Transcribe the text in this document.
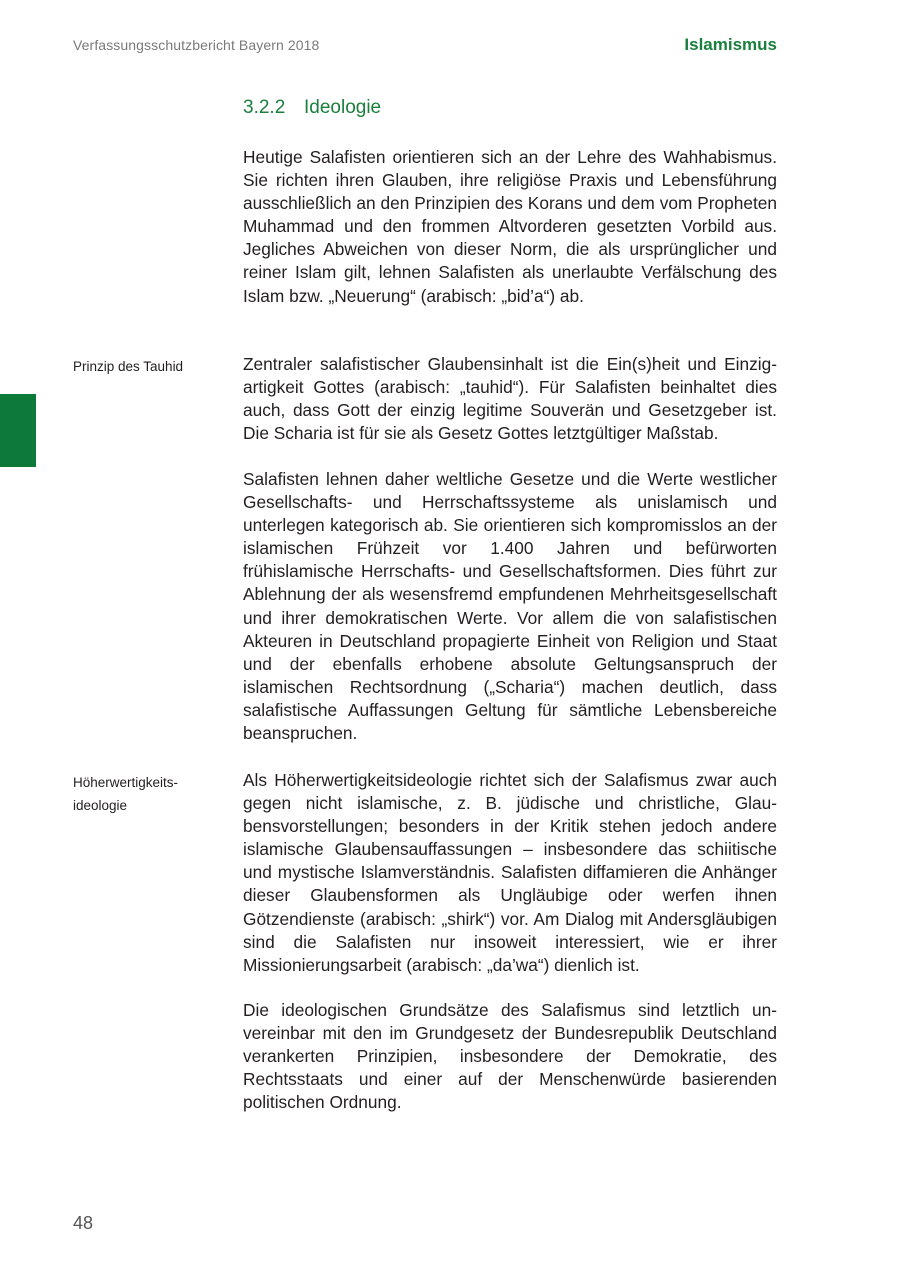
Verfassungsschutzbericht Bayern 2018	Islamismus
3.2.2 Ideologie

Heutige Salafisten orientieren sich an der Lehre des Wahhabismus. Sie richten ihren Glauben, ihre religiöse Praxis und Lebensführung ausschließlich an den Prinzipien des Korans und dem vom Propheten Muhammad und den frommen Altvorderen gesetzten Vorbild aus. Jegliches Abweichen von dieser Norm, die als ursprünglicher und reiner Islam gilt, lehnen Salafisten als unerlaubte Verfälschung des Islam bzw. „Neuerung“ (arabisch: „bid’a“) ab.

Prinzip des Tauhid	Zentraler salafistischer Glaubensinhalt ist die Ein(s)heit und Einzigartigkeit Gottes (arabisch: „tauhid“). Für Salafisten beinhaltet dies auch, dass Gott der einzig legitime Souverän und Gesetzgeber ist. Die Scharia ist für sie als Gesetz Gottes letztgültiger Maßstab.

Salafisten lehnen daher weltliche Gesetze und die Werte westlicher Gesellschafts- und Herrschaftssysteme als unislamisch und unterlegen kategorisch ab. Sie orientieren sich kompromisslos an der islamischen Frühzeit vor 1.400 Jahren und befürworten frühislamische Herrschafts- und Gesellschaftsformen. Dies führt zur Ablehnung der als wesensfremd empfundenen Mehrheitsgesellschaft und ihrer demokratischen Werte. Vor allem die von salafistischen Akteuren in Deutschland propagierte Einheit von Religion und Staat und der ebenfalls erhobene absolute Geltungsanspruch der islamischen Rechtsordnung („Scharia“) machen deutlich, dass salafistische Auffassungen Geltung für sämtliche Lebensbereiche beanspruchen.

Höherwertigkeits-
ideologie

Als Höherwertigkeitsideologie richtet sich der Salafismus zwar auch gegen nicht islamische, z. B. jüdische und christliche, Glaubensvorstellungen; besonders in der Kritik stehen jedoch andere islamische Glaubensauffassungen – insbesondere das schiitische und mystische Islamverständnis. Salafisten diffamieren die Anhänger dieser Glaubensformen als Ungläubige oder werfen ihnen Götzendienste (arabisch: „shirk“) vor. Am Dialog mit Andersgläubigen sind die Salafisten nur insoweit interessiert, wie er ihrer Missionierungsarbeit (arabisch: „da’wa“) dienlich ist.

Die ideologischen Grundsätze des Salafismus sind letztlich unvereinbar mit den im Grundgesetz der Bundesrepublik Deutschland verankerten Prinzipien, insbesondere der Demokratie, des Rechtsstaats und einer auf der Menschenwürde basierenden politischen Ordnung.

48
